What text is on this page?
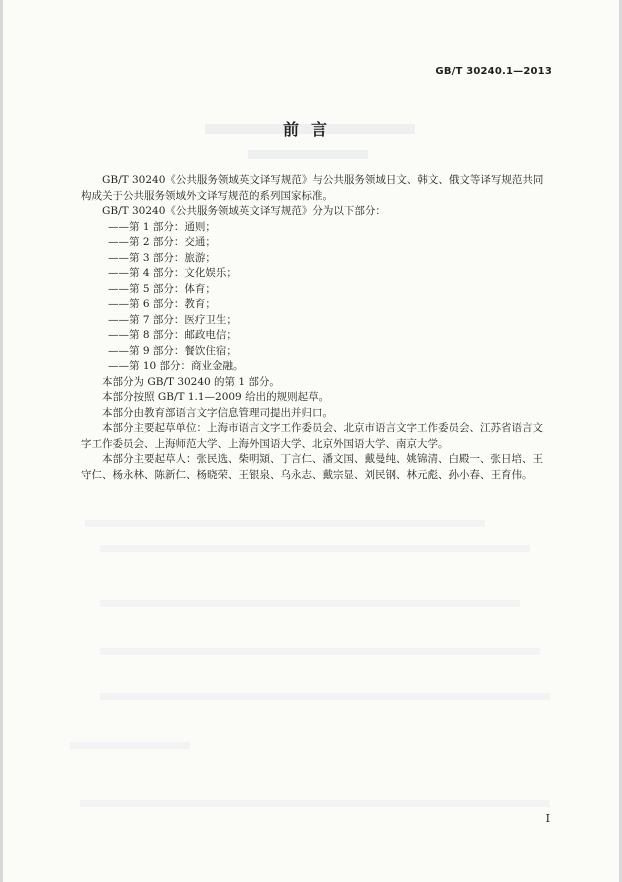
GB/T 30240.1—2013
前言

GB/T 30240《公共服务领域英文译写规范》与公共服务领域日文、韩文、俄文等译写规范共同构成关于公共服务领域外文译写规范的系列国家标准。

GB/T 30240《公共服务领域英文译写规范》分为以下部分：

——第 1 部分：通则；

——第 2 部分：交通；

——第 3 部分：旅游；

——第 4 部分：文化娱乐；

——第 5 部分：体育；

——第 6 部分：教育；

——第 7 部分：医疗卫生；

——第 8 部分：邮政电信；

——第 9 部分：餐饮住宿；

——第 10 部分：商业金融。

本部分为 GB/T 30240 的第 1 部分。

本部分按照 GB/T 1.1—2009 给出的规则起草。

本部分由教育部语言文字信息管理司提出并归口。

本部分主要起草单位：上海市语言文字工作委员会、北京市语言文字工作委员会、江苏省语言文字工作委员会、上海师范大学、上海外国语大学、北京外国语大学、南京大学。

本部分主要起草人：张民选、柴明熲、丁言仁、潘文国、戴曼纯、姚锦清、白殿一、张日培、王守仁、杨永林、陈新仁、杨晓荣、王银泉、乌永志、戴宗显、刘民钢、林元彪、孙小春、王育伟。

I
